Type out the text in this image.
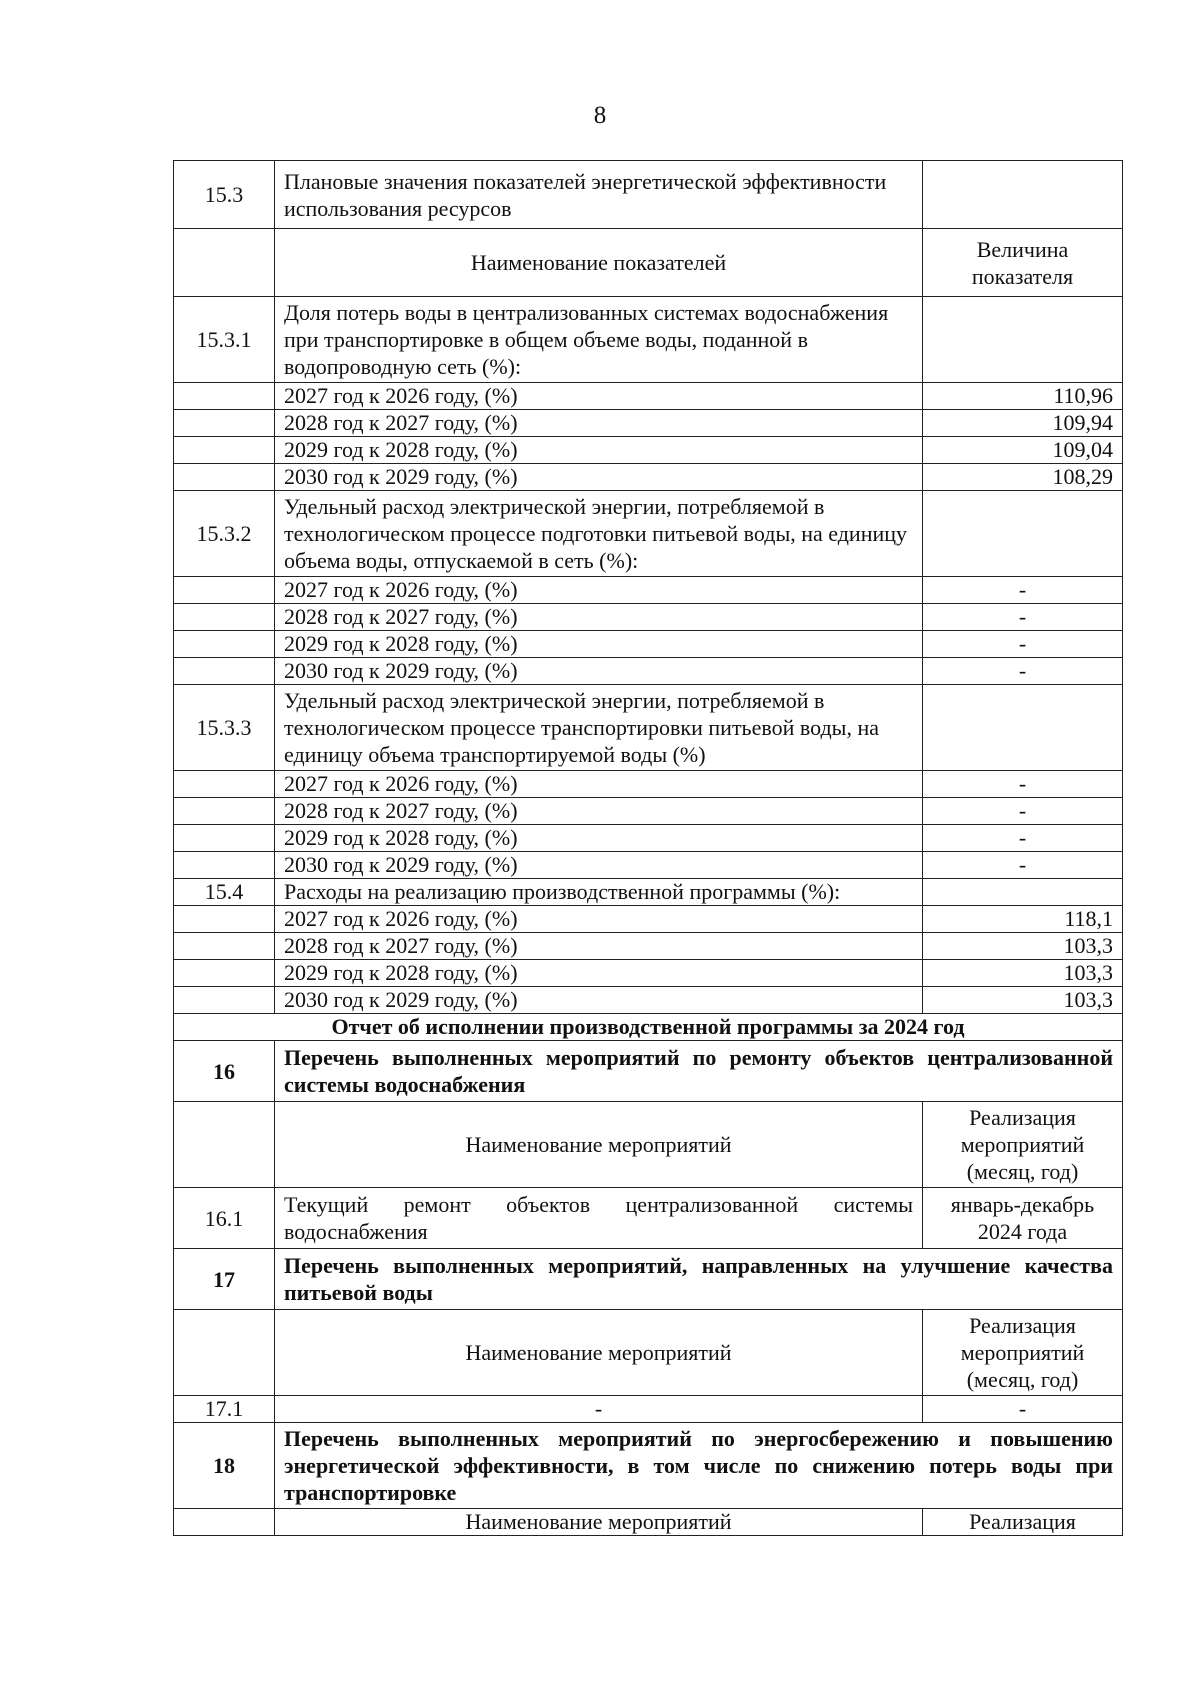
8
15.3	Плановые значения показателей энергетической эффективности использования ресурсов	
	Наименование показателей	Величина показателя
15.3.1	Доля потерь воды в централизованных системах водоснабжения при транспортировке в общем объеме воды, поданной в водопроводную сеть (%):	
	2027 год к 2026 году, (%)	110,96
	2028 год к 2027 году, (%)	109,94
	2029 год к 2028 году, (%)	109,04
	2030 год к 2029 году, (%)	108,29
15.3.2	Удельный расход электрической энергии, потребляемой в технологическом процессе подготовки питьевой воды, на единицу объема воды, отпускаемой в сеть (%):	
	2027 год к 2026 году, (%)	-
	2028 год к 2027 году, (%)	-
	2029 год к 2028 году, (%)	-
	2030 год к 2029 году, (%)	-
15.3.3	Удельный расход электрической энергии, потребляемой в технологическом процессе транспортировки питьевой воды, на единицу объема транспортируемой воды (%)	
	2027 год к 2026 году, (%)	-
	2028 год к 2027 году, (%)	-
	2029 год к 2028 году, (%)	-
	2030 год к 2029 году, (%)	-
15.4	Расходы на реализацию производственной программы (%):	
	2027 год к 2026 году, (%)	118,1
	2028 год к 2027 году, (%)	103,3
	2029 год к 2028 году, (%)	103,3
	2030 год к 2029 году, (%)	103,3
Отчет об исполнении производственной программы за 2024 год		
16	Перечень выполненных мероприятий по ремонту объектов централизованной системы водоснабжения	
	Наименование мероприятий	Реализация мероприятий (месяц, год)
16.1	Текущий ремонт объектов централизованной системы водоснабжения	январь-декабрь 2024 года
17	Перечень выполненных мероприятий, направленных на улучшение качества питьевой воды	
	Наименование мероприятий	Реализация мероприятий (месяц, год)
17.1	-	-
18	Перечень выполненных мероприятий по энергосбережению и повышению энергетической эффективности, в том числе по снижению потерь воды при транспортировке	
	Наименование мероприятий	Реализация
